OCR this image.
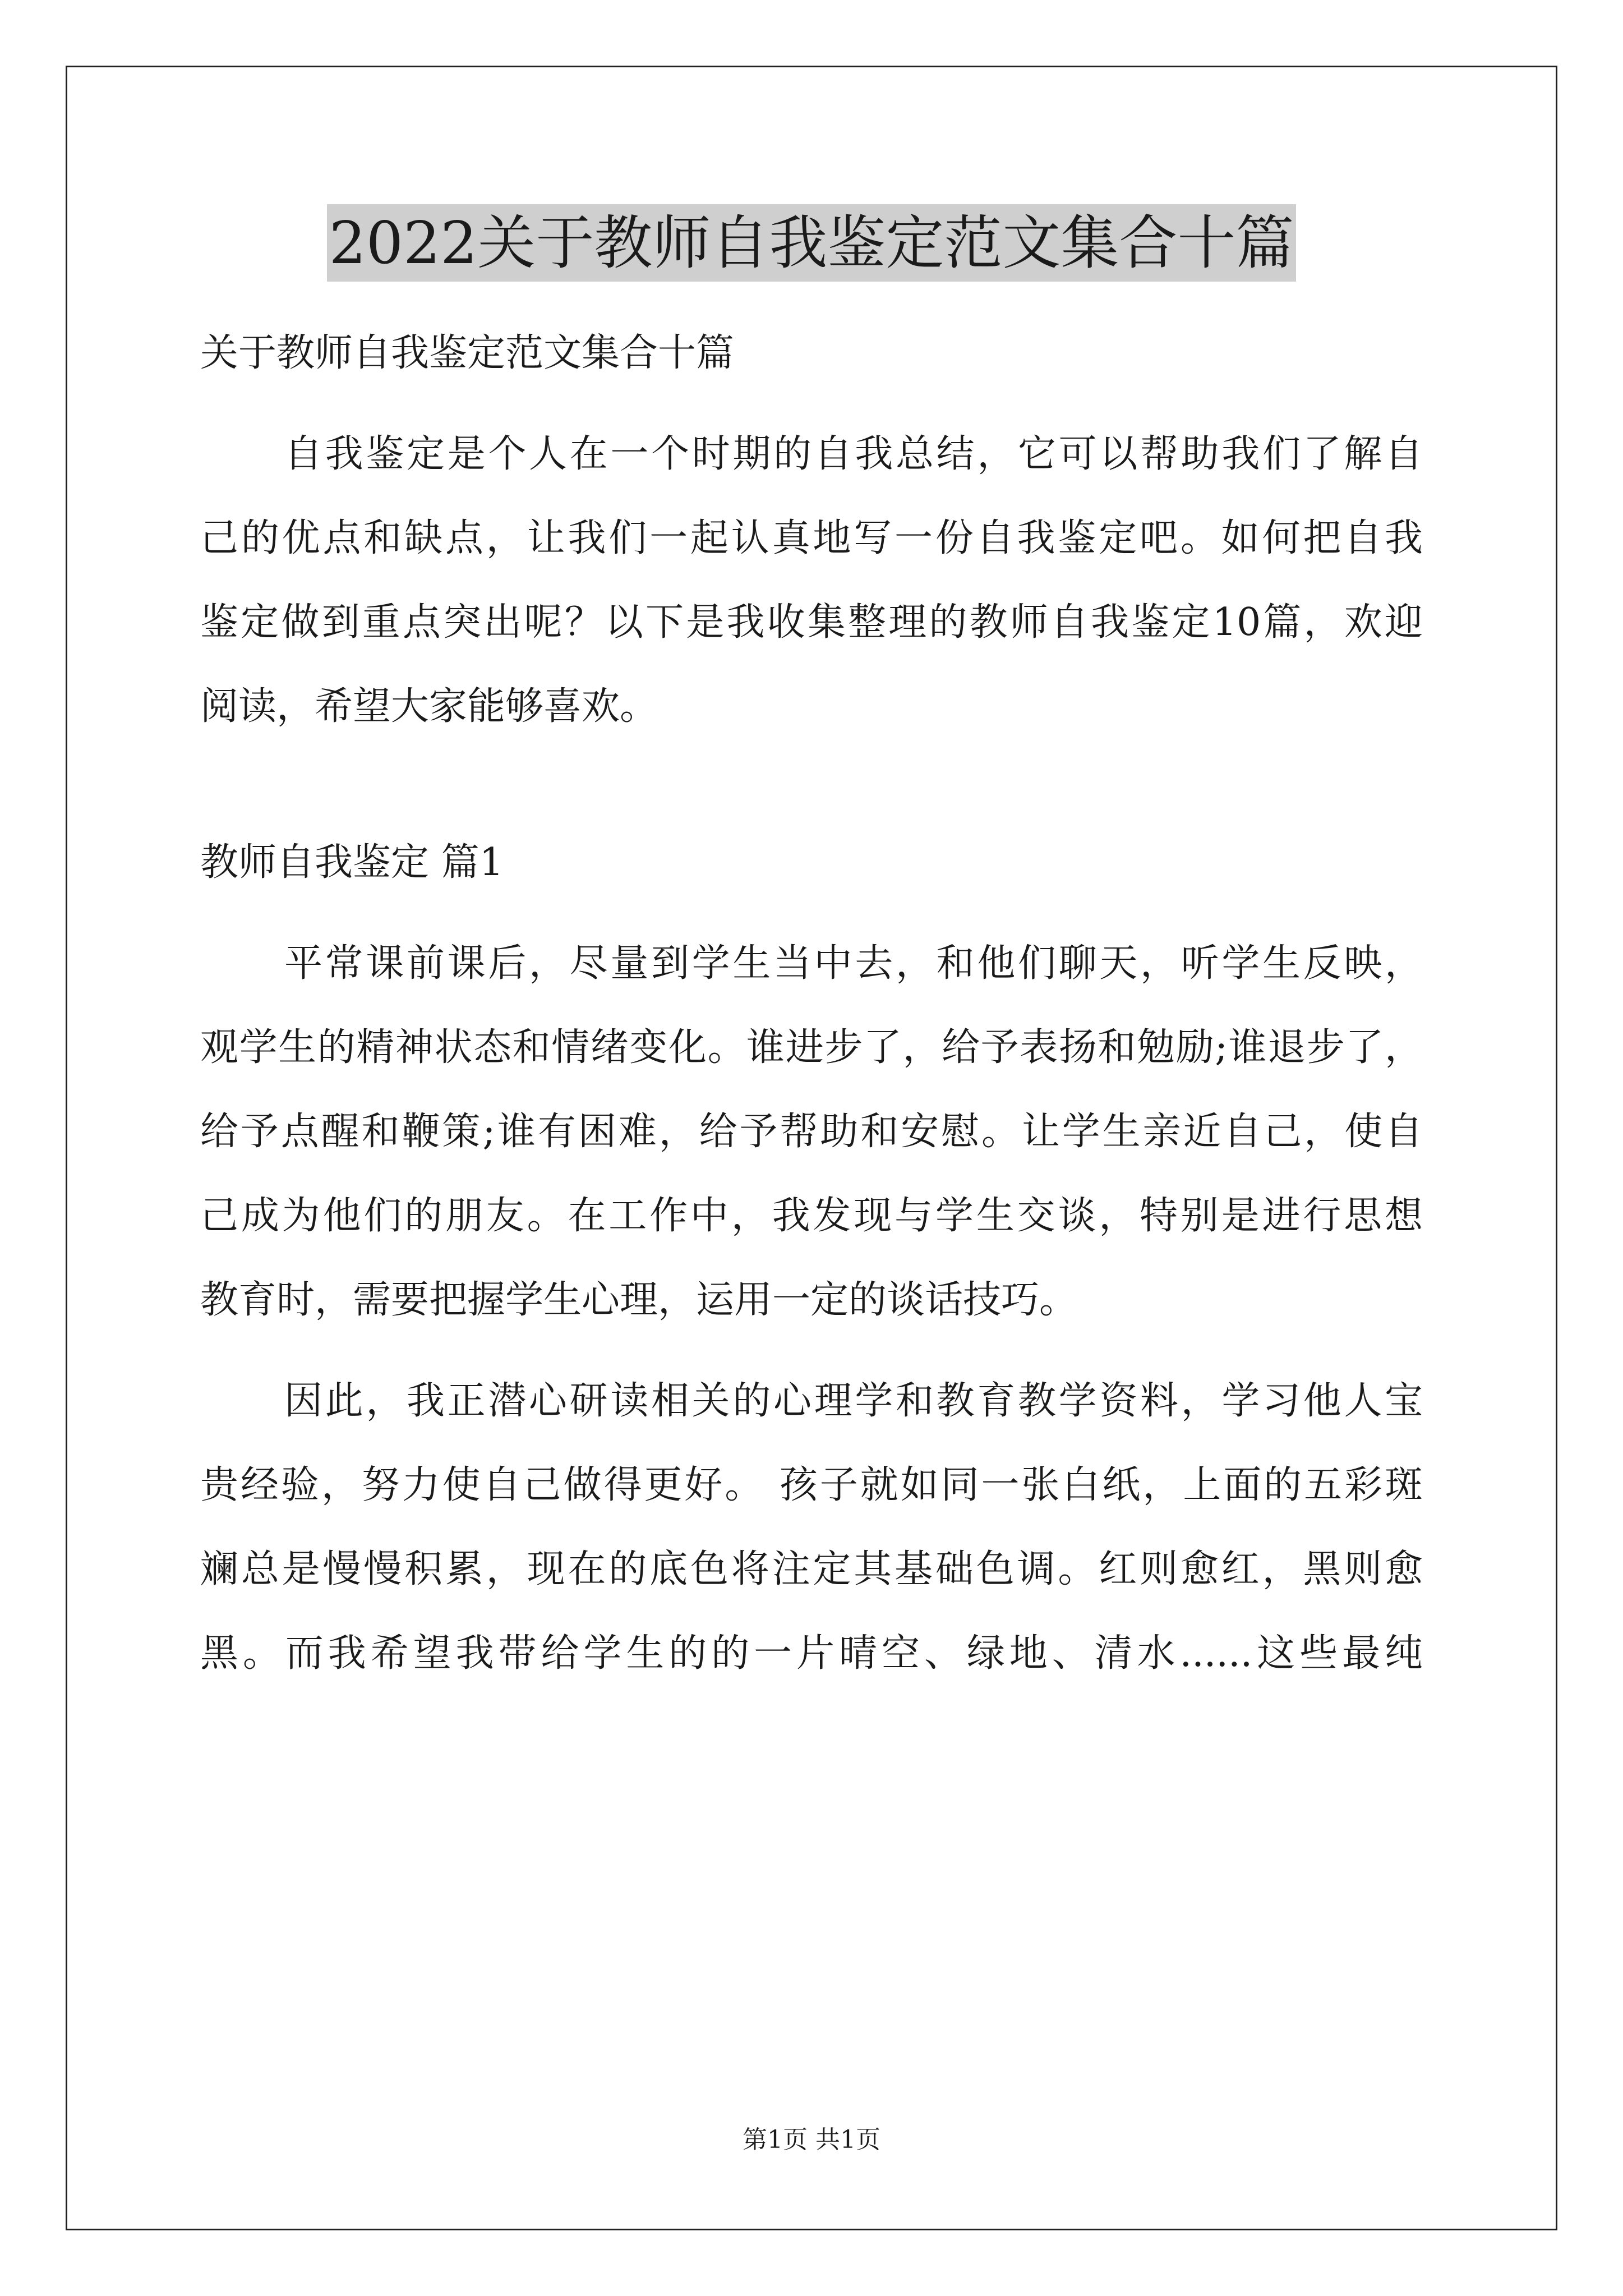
2022关于教师自我鉴定范文集合十篇
关于教师自我鉴定范文集合十篇
自我鉴定是个人在一个时期的自我总结，它可以帮助我们了解自
己的优点和缺点，让我们一起认真地写一份自我鉴定吧。如何把自我
鉴定做到重点突出呢？以下是我收集整理的教师自我鉴定10篇，欢迎
阅读，希望大家能够喜欢。
教师自我鉴定 篇1
平常课前课后，尽量到学生当中去，和他们聊天，听学生反映，
观学生的精神状态和情绪变化。谁进步了，给予表扬和勉励;谁退步了，
给予点醒和鞭策;谁有困难，给予帮助和安慰。让学生亲近自己，使自
己成为他们的朋友。在工作中，我发现与学生交谈，特别是进行思想
教育时，需要把握学生心理，运用一定的谈话技巧。
因此，我正潜心研读相关的心理学和教育教学资料，学习他人宝
贵经验，努力使自己做得更好。 孩子就如同一张白纸，上面的五彩斑
斓总是慢慢积累，现在的底色将注定其基础色调。红则愈红，黑则愈
黑。而我希望我带给学生的的一片晴空、绿地、清水......这些最纯
第1页 共1页
